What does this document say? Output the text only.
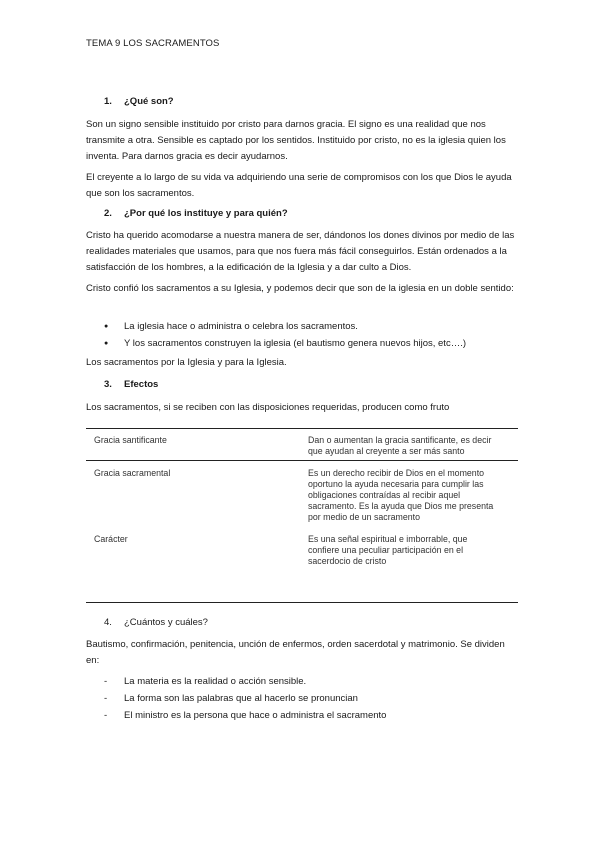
TEMA 9 LOS SACRAMENTOS
1. ¿Qué son?

Son un signo sensible instituido por cristo para darnos gracia. El signo es una realidad que nos transmite a otra. Sensible es captado por los sentidos. Instituido por cristo, no es la iglesia quien los inventa. Para darnos gracia es decir ayudarnos.

El creyente a lo largo de su vida va adquiriendo una serie de compromisos con los que Dios le ayuda que son los sacramentos.

2. ¿Por qué los instituye y para quién?

Cristo ha querido acomodarse a nuestra manera de ser, dándonos los dones divinos por medio de las realidades materiales que usamos, para que nos fuera más fácil conseguirlos. Están ordenados a la satisfacción de los hombres, a la edificación de la Iglesia y a dar culto a Dios.

Cristo confió los sacramentos a su Iglesia, y podemos decir que son de la iglesia en un doble sentido:

● La iglesia hace o administra o celebra los sacramentos.
● Y los sacramentos construyen la iglesia (el bautismo genera nuevos hijos, etc….)

Los sacramentos por la Iglesia y para la Iglesia.

3. Efectos

Los sacramentos, si se reciben con las disposiciones requeridas, producen como fruto

Gracia santificante	Dan o aumentan la gracia santificante, es decir
que ayudan al creyente a ser más santo
Gracia sacramental	Es un derecho recibir de Dios en el momento
oportuno la ayuda necesaria para cumplir las
obligaciones contraídas al recibir aquel
sacramento. Es la ayuda que Dios me presenta
por medio de un sacramento
Carácter	Es una señal espiritual e imborrable, que
confiere una peculiar participación en el
sacerdocio de cristo
4. ¿Cuántos y cuáles?

Bautismo, confirmación, penitencia, unción de enfermos, orden sacerdotal y matrimonio. Se dividen en:

- La materia es la realidad o acción sensible.
- La forma son las palabras que al hacerlo se pronuncian
- El ministro es la persona que hace o administra el sacramento
